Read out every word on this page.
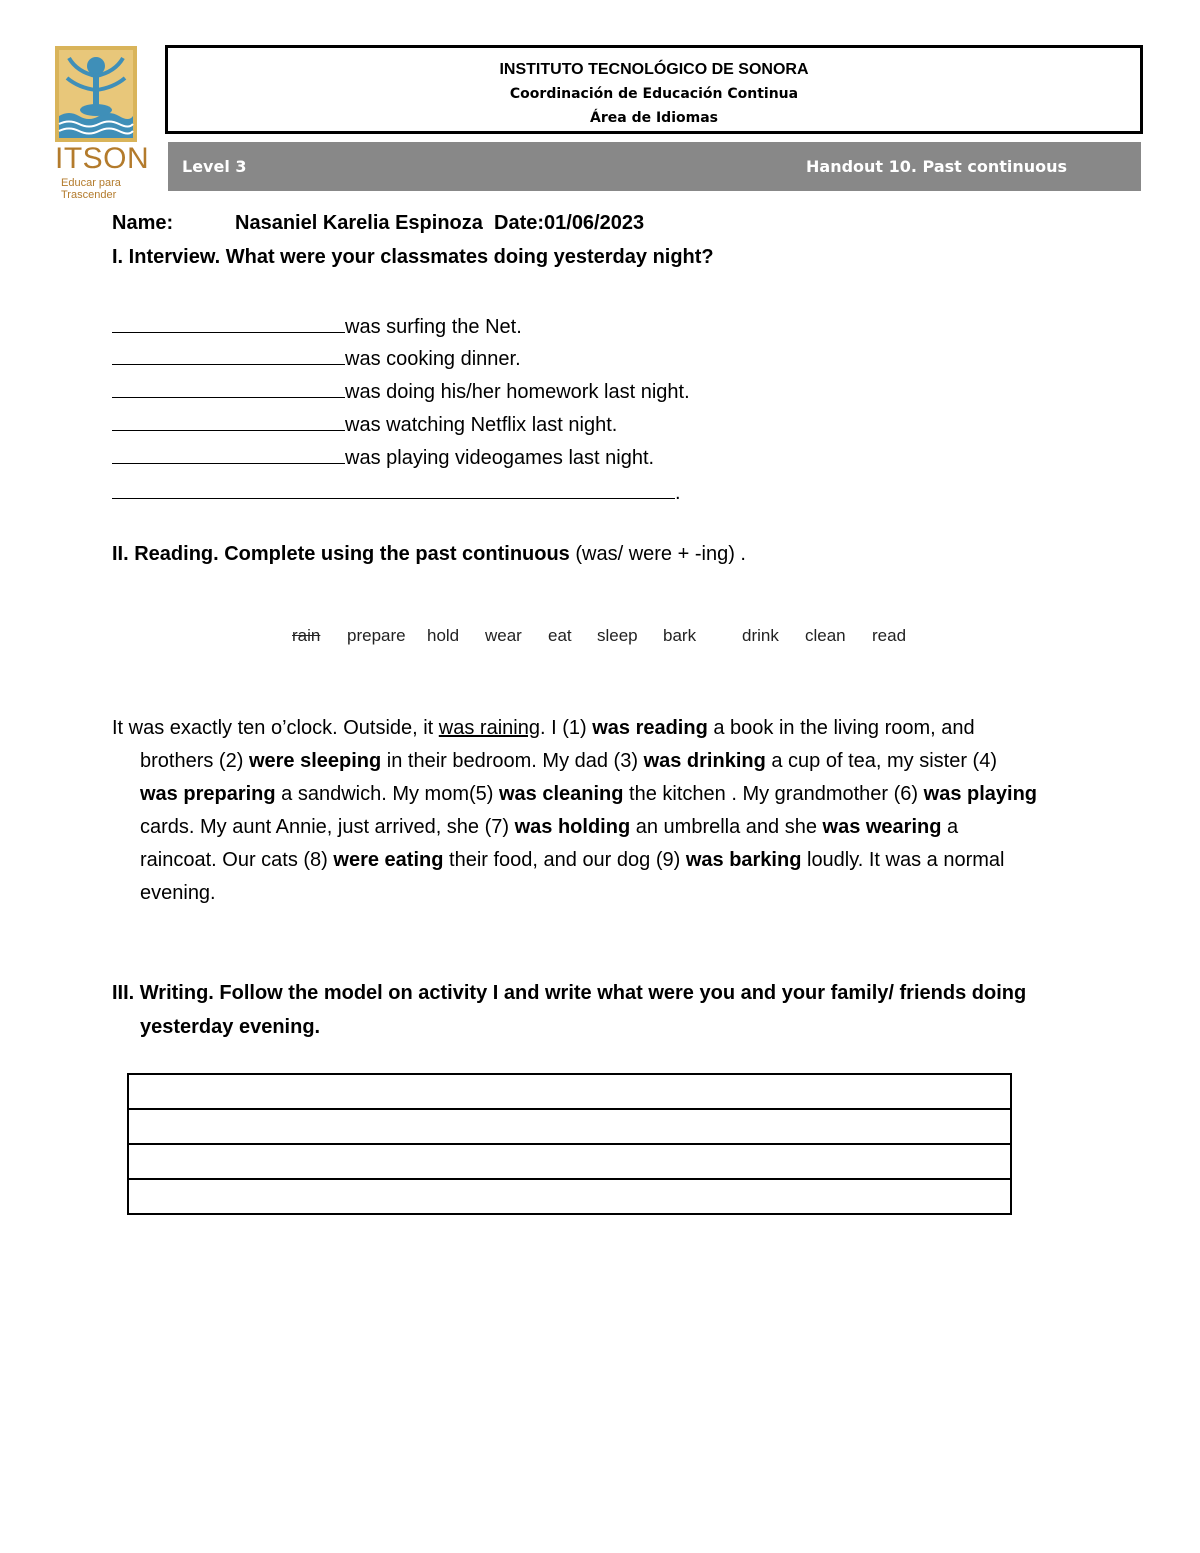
ITSON
Educar para
Trascender
INSTITUTO TECNOLÓGICO DE SONORA
Coordinación de Educación Continua
Área de Idiomas
Level 3	Handout 10. Past continuous
Name:	Nasaniel Karelia Espinoza Date:01/06/2023
I. Interview. What were your classmates doing yesterday night?
was surfing the Net.
was cooking dinner.
was doing his/her homework last night.
was watching Netflix last night.
was playing videogames last night.
.
II. Reading. Complete using the past continuous (was/ were + -ing) .
rain prepare hold wear eat sleep bark	drink clean read
It was exactly ten o’clock. Outside, it was raining. I (1) was reading a book in the living room, and
brothers (2) were sleeping in their bedroom. My dad (3) was drinking a cup of tea, my sister (4)
was preparing a sandwich. My mom(5) was cleaning the kitchen . My grandmother (6) was playing
cards. My aunt Annie, just arrived, she (7) was holding an umbrella and she was wearing a
raincoat. Our cats (8) were eating their food, and our dog (9) was barking loudly. It was a normal
evening.
III. Writing. Follow the model on activity I and write what were you and your family/ friends doing
yesterday evening.
